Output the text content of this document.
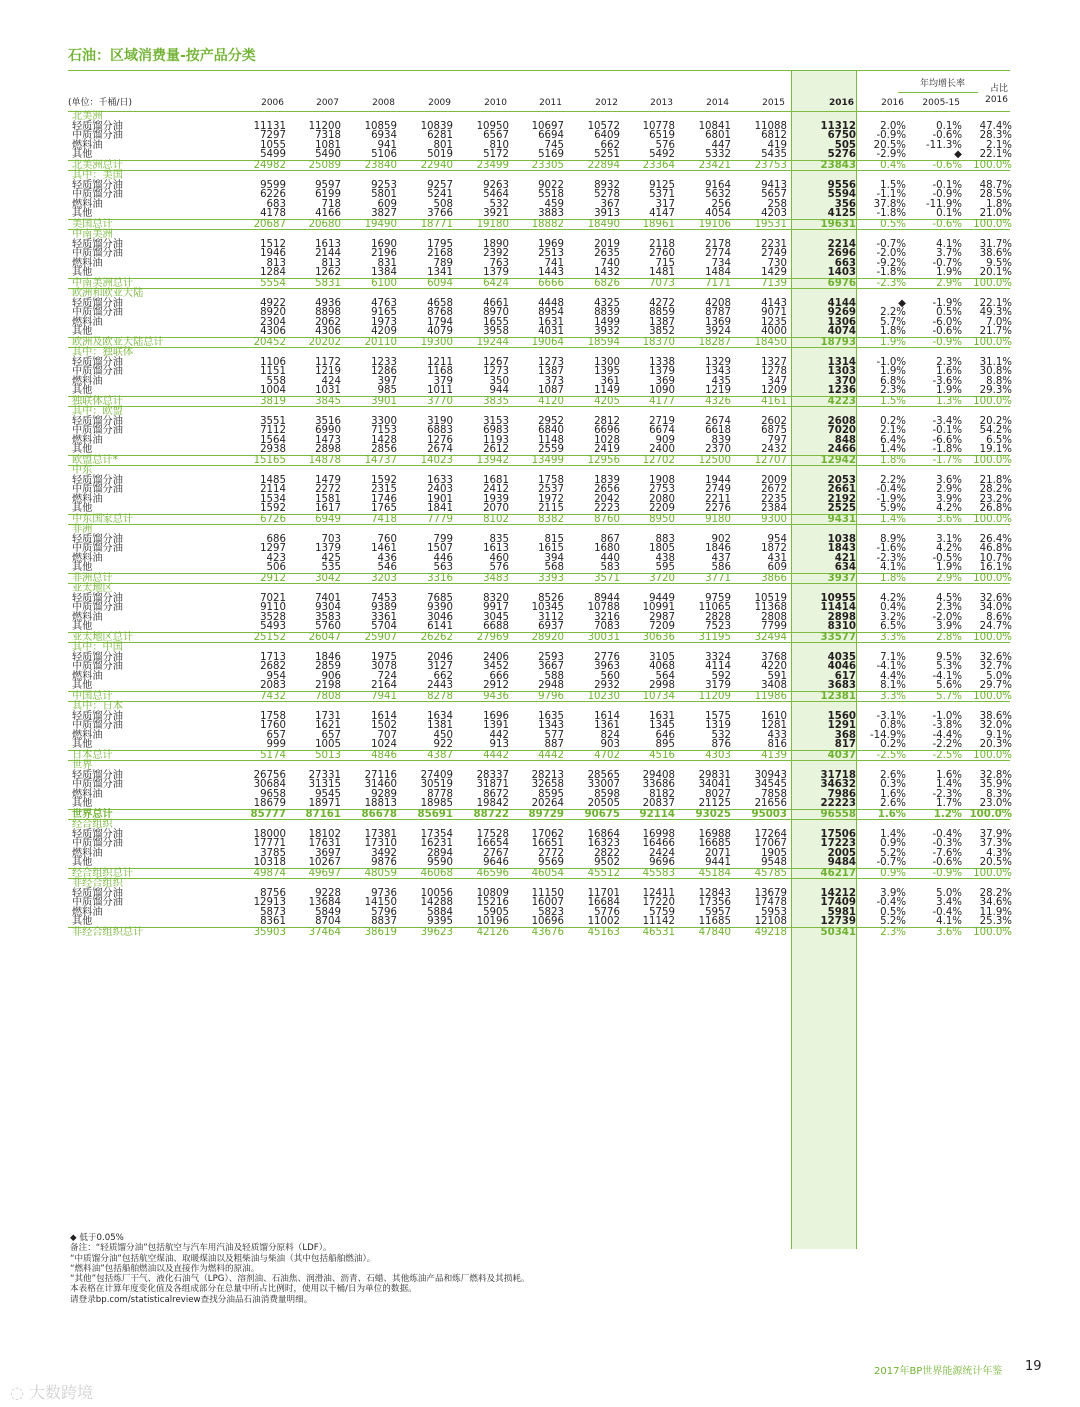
石油：区域消费量-按产品分类
(单位：千桶/日)
年均增长率	占比
2016
2006	2007	2008	2009	2010	2011	2012	2013	2014	2015	2016	2016	2005-15
北美洲
轻质馏分油	11131	11200	10859	10839	10950	10697	10572	10778	10841	11088	11312	2.0%	0.1%	47.4%
中质馏分油	7297	7318	6934	6281	6567	6694	6409	6519	6801	6812	6750	-0.9%	-0.6%	28.3%
燃料油	1055	1081	941	801	810	745	662	576	447	419	505	20.5%	-11.3%	2.1%
其他	5499	5490	5106	5019	5172	5169	5251	5492	5332	5435	5276	-2.9%	◆	22.1%
北美洲总计	24982	25089	23840	22940	23499	23305	22894	23364	23421	23753	23843	0.4%	-0.6%	100.0%
其中：美国
轻质馏分油	9599	9597	9253	9257	9263	9022	8932	9125	9164	9413	9556	1.5%	-0.1%	48.7%
中质馏分油	6226	6199	5801	5241	5464	5518	5278	5371	5632	5657	5594	-1.1%	-0.9%	28.5%
燃料油	683	718	609	508	532	459	367	317	256	258	356	37.8%	-11.9%	1.8%
其他	4178	4166	3827	3766	3921	3883	3913	4147	4054	4203	4125	-1.8%	0.1%	21.0%
美国总计	20687	20680	19490	18771	19180	18882	18490	18961	19106	19531	19631	0.5%	-0.6%	100.0%
中南美洲
轻质馏分油	1512	1613	1690	1795	1890	1969	2019	2118	2178	2231	2214	-0.7%	4.1%	31.7%
中质馏分油	1946	2144	2196	2168	2392	2513	2635	2760	2774	2749	2696	-2.0%	3.7%	38.6%
燃料油	813	813	831	789	763	741	740	715	734	730	663	-9.2%	-0.7%	9.5%
其他	1284	1262	1384	1341	1379	1443	1432	1481	1484	1429	1403	-1.8%	1.9%	20.1%
中南美洲总计	5554	5831	6100	6094	6424	6666	6826	7073	7171	7139	6976	-2.3%	2.9%	100.0%
欧洲和欧亚大陆
轻质馏分油	4922	4936	4763	4658	4661	4448	4325	4272	4208	4143	4144	◆	-1.9%	22.1%
中质馏分油	8920	8898	9165	8768	8970	8954	8839	8859	8787	9071	9269	2.2%	0.5%	49.3%
燃料油	2304	2062	1973	1794	1655	1631	1499	1387	1369	1235	1306	5.7%	-6.0%	7.0%
其他	4306	4306	4209	4079	3958	4031	3932	3852	3924	4000	4074	1.8%	-0.6%	21.7%
欧洲及欧亚大陆总计	20452	20202	20110	19300	19244	19064	18594	18370	18287	18450	18793	1.9%	-0.9%	100.0%
其中：独联体
轻质馏分油	1106	1172	1233	1211	1267	1273	1300	1338	1329	1327	1314	-1.0%	2.3%	31.1%
中质馏分油	1151	1219	1286	1168	1273	1387	1395	1379	1343	1278	1303	1.9%	1.6%	30.8%
燃料油	558	424	397	379	350	373	361	369	435	347	370	6.8%	-3.6%	8.8%
其他	1004	1031	985	1011	944	1087	1149	1090	1219	1209	1236	2.3%	1.9%	29.3%
独联体总计	3819	3845	3901	3770	3835	4120	4205	4177	4326	4161	4223	1.5%	1.3%	100.0%
其中：欧盟
轻质馏分油	3551	3516	3300	3190	3153	2952	2812	2719	2674	2602	2608	0.2%	-3.4%	20.2%
中质馏分油	7112	6990	7153	6883	6983	6840	6696	6674	6618	6875	7020	2.1%	-0.1%	54.2%
燃料油	1564	1473	1428	1276	1193	1148	1028	909	839	797	848	6.4%	-6.6%	6.5%
其他	2938	2898	2856	2674	2612	2559	2419	2400	2370	2432	2466	1.4%	-1.8%	19.1%
欧盟总计*	15165	14878	14737	14023	13942	13499	12956	12702	12500	12707	12942	1.8%	-1.7%	100.0%
中东
轻质馏分油	1485	1479	1592	1633	1681	1758	1839	1908	1944	2009	2053	2.2%	3.6%	21.8%
中质馏分油	2114	2272	2315	2403	2412	2537	2656	2753	2749	2672	2661	-0.4%	2.9%	28.2%
燃料油	1534	1581	1746	1901	1939	1972	2042	2080	2211	2235	2192	-1.9%	3.9%	23.2%
其他	1592	1617	1765	1841	2070	2115	2223	2209	2276	2384	2525	5.9%	4.2%	26.8%
中东国家总计	6726	6949	7418	7779	8102	8382	8760	8950	9180	9300	9431	1.4%	3.6%	100.0%
非洲
轻质馏分油	686	703	760	799	835	815	867	883	902	954	1038	8.9%	3.1%	26.4%
中质馏分油	1297	1379	1461	1507	1613	1615	1680	1805	1846	1872	1843	-1.6%	4.2%	46.8%
燃料油	423	425	436	446	460	394	440	438	437	431	421	-2.3%	-0.5%	10.7%
其他	506	535	546	563	576	568	583	595	586	609	634	4.1%	1.9%	16.1%
非洲总计	2912	3042	3203	3316	3483	3393	3571	3720	3771	3866	3937	1.8%	2.9%	100.0%
亚太地区
轻质馏分油	7021	7401	7453	7685	8320	8526	8944	9449	9759	10519	10955	4.2%	4.5%	32.6%
中质馏分油	9110	9304	9389	9390	9917	10345	10788	10991	11065	11368	11414	0.4%	2.3%	34.0%
燃料油	3528	3583	3361	3046	3045	3112	3216	2987	2828	2808	2898	3.2%	-2.0%	8.6%
其他	5493	5760	5704	6141	6688	6937	7083	7209	7523	7799	8310	6.5%	3.9%	24.7%
亚太地区总计	25152	26047	25907	26262	27969	28920	30031	30636	31195	32494	33577	3.3%	2.8%	100.0%
其中：中国
轻质馏分油	1713	1846	1975	2046	2406	2593	2776	3105	3324	3768	4035	7.1%	9.5%	32.6%
中质馏分油	2682	2859	3078	3127	3452	3667	3963	4068	4114	4220	4046	-4.1%	5.3%	32.7%
燃料油	954	906	724	662	666	588	560	564	592	591	617	4.4%	-4.1%	5.0%
其他	2083	2198	2164	2443	2912	2948	2932	2998	3179	3408	3683	8.1%	5.6%	29.7%
中国总计	7432	7808	7941	8278	9436	9796	10230	10734	11209	11986	12381	3.3%	5.7%	100.0%
其中：日本
轻质馏分油	1758	1731	1614	1634	1696	1635	1614	1631	1575	1610	1560	-3.1%	-1.0%	38.6%
中质馏分油	1760	1621	1502	1381	1391	1343	1361	1345	1319	1281	1291	0.8%	-3.8%	32.0%
燃料油	657	657	707	450	442	577	824	646	532	433	368	-14.9%	-4.4%	9.1%
其他	999	1005	1024	922	913	887	903	895	876	816	817	0.2%	-2.2%	20.3%
日本总计	5174	5013	4846	4387	4442	4442	4702	4516	4303	4139	4037	-2.5%	-2.5%	100.0%
世界
轻质馏分油	26756	27331	27116	27409	28337	28213	28565	29408	29831	30943	31718	2.6%	1.6%	32.8%
中质馏分油	30684	31315	31460	30519	31871	32658	33007	33686	34041	34545	34632	0.3%	1.4%	35.9%
燃料油	9658	9545	9289	8778	8672	8595	8598	8182	8027	7858	7986	1.6%	-2.3%	8.3%
其他	18679	18971	18813	18985	19842	20264	20505	20837	21125	21656	22223	2.6%	1.7%	23.0%
世界总计	85777	87161	86678	85691	88722	89729	90675	92114	93025	95003	96558	1.6%	1.2% 100.0%
经合组织
轻质馏分油	18000	18102	17381	17354	17528	17062	16864	16998	16988	17264	17506	1.4%	-0.4%	37.9%
中质馏分油	17771	17631	17310	16231	16654	16651	16323	16466	16685	17067	17223	0.9%	-0.3%	37.3%
燃料油	3785	3697	3492	2894	2767	2772	2822	2424	2071	1905	2005	5.2%	-7.6%	4.3%
其他	10318	10267	9876	9590	9646	9569	9502	9696	9441	9548	9484	-0.7%	-0.6%	20.5%
经合组织总计	49874	49697	48059	46068	46596	46054	45512	45583	45184	45785	46217	0.9%	-0.9%	100.0%
非经合组织
轻质馏分油	8756	9228	9736	10056	10809	11150	11701	12411	12843	13679	14212	3.9%	5.0%	28.2%
中质馏分油	12913	13684	14150	14288	15216	16007	16684	17220	17356	17478	17409	-0.4%	3.4%	34.6%
燃料油	5873	5849	5796	5884	5905	5823	5776	5759	5957	5953	5981	0.5%	-0.4%	11.9%
其他	8361	8704	8837	9395	10196	10696	11002	11142	11685	12108	12739	5.2%	4.1%	25.3%
非经合组织总计	35903	37464	38619	39623	42126	43676	45163	46531	47840	49218	50341	2.3%	3.6%	100.0%
◆ 低于0.05%
备注：“轻质馏分油”包括航空与汽车用汽油及轻质馏分原料（LDF）。
“中质馏分油”包括航空煤油、取暖煤油以及粗柴油与柴油（其中包括船舶燃油）。
“燃料油”包括船舶燃油以及直接作为燃料的原油。
“其他”包括炼厂干气、液化石油气（LPG）、溶剂油、石油焦、润滑油、沥青、石蜡、其他炼油产品和炼厂燃料及其损耗。
本表格在计算年度变化值及各组成部分在总量中所占比例时，使用以千桶/日为单位的数据。
请登录bp.com/statisticalreview查找分油品石油消费量明细。
2017年BP世界能源统计年鉴 19
◌ 大数跨境
